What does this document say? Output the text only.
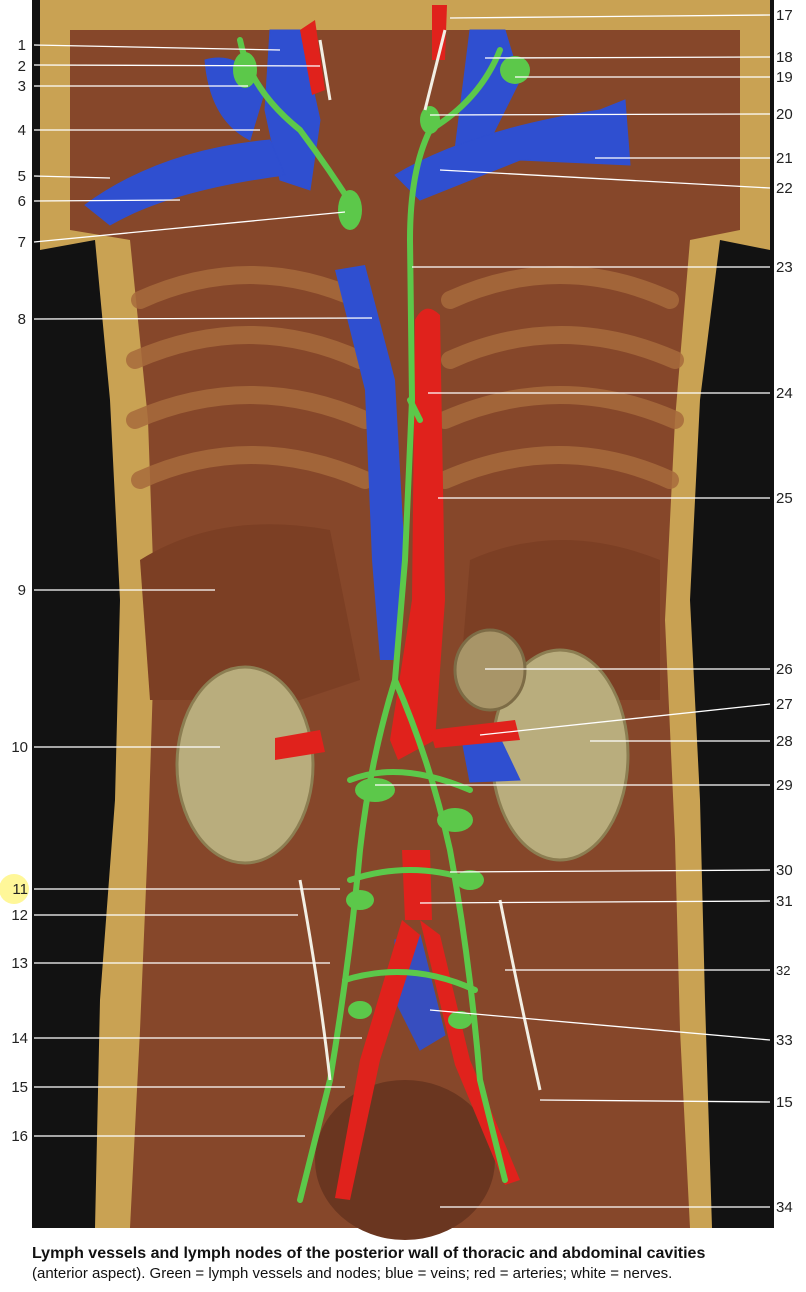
1
2
3
4
5
6
7
8
9
10
11
12
13
14
15
16
17
18
19
20
21
22
23
24
25
26
27
28
29
30
31
32
33
15
34
Lymph vessels and lymph nodes of the posterior wall of thoracic and abdominal cavities
(anterior aspect). Green = lymph vessels and nodes; blue = veins; red = arteries; white = nerves.
